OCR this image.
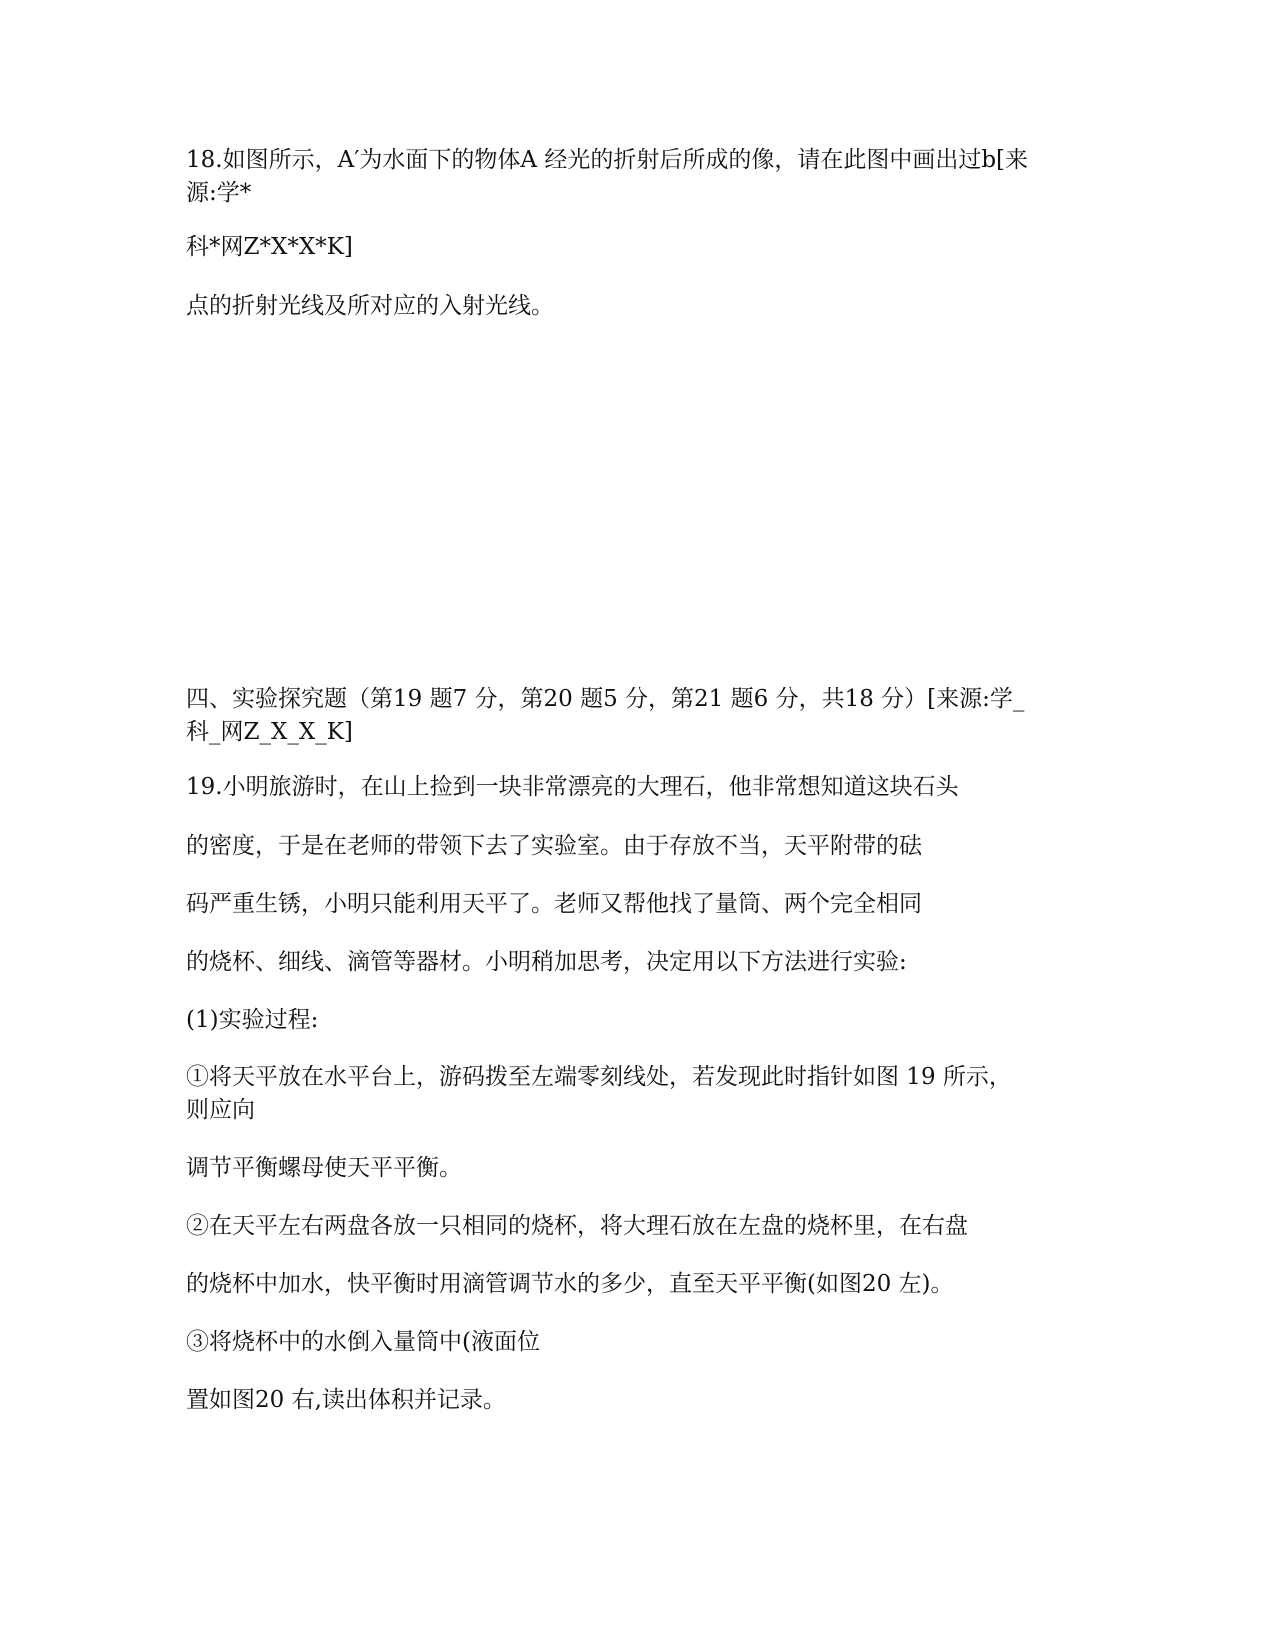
18.如图所示，A′为水面下的物体A 经光的折射后所成的像，请在此图中画出过b[来
源:学*
科*网Z*X*X*K]
点的折射光线及所对应的入射光线。
四、实验探究题（第19 题7 分，第20 题5 分，第21 题6 分，共18 分）[来源:学_
科_网Z_X_X_K]
19.小明旅游时，在山上捡到一块非常漂亮的大理石，他非常想知道这块石头
的密度，于是在老师的带领下去了实验室。由于存放不当，天平附带的砝
码严重生锈，小明只能利用天平了。老师又帮他找了量筒、两个完全相同
的烧杯、细线、滴管等器材。小明稍加思考，决定用以下方法进行实验:
(1)实验过程:
①将天平放在水平台上，游码拨至左端零刻线处，若发现此时指针如图 19 所示，
则应向
调节平衡螺母使天平平衡。
②在天平左右两盘各放一只相同的烧杯，将大理石放在左盘的烧杯里，在右盘
的烧杯中加水，快平衡时用滴管调节水的多少，直至天平平衡(如图20 左)。
③将烧杯中的水倒入量筒中(液面位
置如图20 右,读出体积并记录。
